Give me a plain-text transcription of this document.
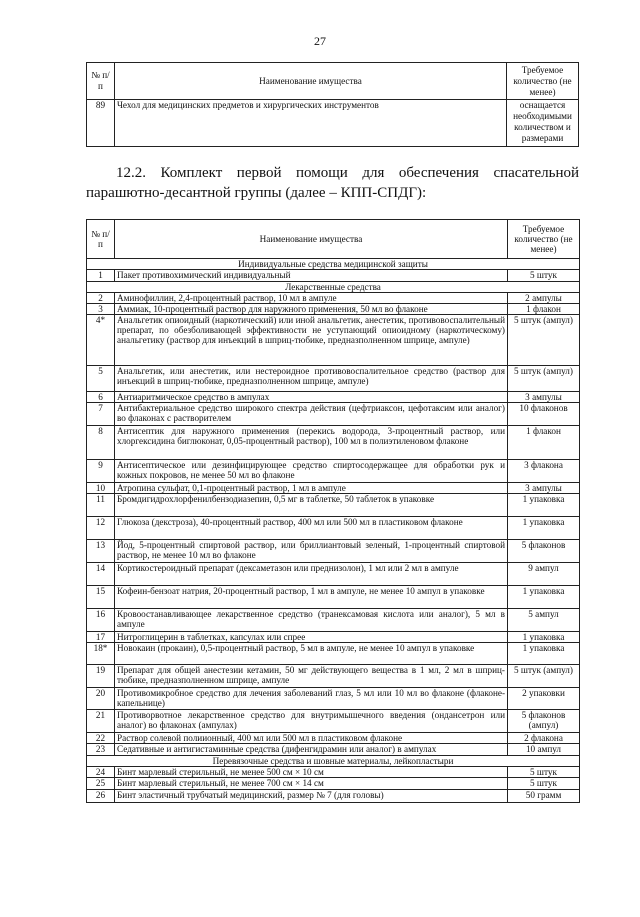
27
№ п/п	Наименование имущества	Требуемое количество (не менее)
89	Чехол для медицинских предметов и хирургических инструментов	оснащается необходимыми количеством и размерами
12.2. Комплект первой помощи для обеспечения спасательной
парашютно-десантной группы (далее – КПП-СПДГ):
№ п/п	Наименование имущества	Требуемое количество (не менее)
Индивидуальные средства медицинской защиты		
1	Пакет противохимический индивидуальный	5 штук
Лекарственные средства		
2	Аминофиллин, 2,4-процентный раствор, 10 мл в ампуле	2 ампулы
3	Аммиак, 10-процентный раствор для наружного применения, 50 мл во флаконе	1 флакон
4*	Анальгетик опиоидный (наркотический) или иной анальгетик, анестетик, противовоспалительный препарат, по обезболивающей эффективности не уступающий опиоидному (наркотическому) анальгетику (раствор для инъекций в шприц-тюбике, предназполненном шприце, ампуле)	5 штук (ампул)
5	Анальгетик, или анестетик, или нестероидное противовоспалительное средство (раствор для инъекций в шприц-тюбике, предназполненном шприце, ампуле)	5 штук (ампул)
6	Антиаритмическое средство в ампулах	3 ампулы
7	Антибактериальное средство широкого спектра действия (цефтриаксон, цефотаксим или аналог) во флаконах с растворителем	10 флаконов
8	Антисептик для наружного применения (перекись водорода, 3-процентный раствор, или хлоргексидина биглюконат, 0,05-процентный раствор), 100 мл в полиэтиленовом флаконе	1 флакон
9	Антисептическое или дезинфицирующее средство спиртосодержащее для обработки рук и кожных покровов, не менее 50 мл во флаконе	3 флакона
10	Атропина сульфат, 0,1-процентный раствор, 1 мл в ампуле	3 ампулы
11	Бромдигидрохлорфенилбензодиазепин, 0,5 мг в таблетке, 50 таблеток в упаковке	1 упаковка
12	Глюкоза (декстроза), 40-процентный раствор, 400 мл или 500 мл в пластиковом флаконе	1 упаковка
13	Йод, 5-процентный спиртовой раствор, или бриллиантовый зеленый, 1-процентный спиртовой раствор, не менее 10 мл во флаконе	5 флаконов
14	Кортикостероидный препарат (дексаметазон или преднизолон), 1 мл или 2 мл в ампуле	9 ампул
15	Кофеин-бензоат натрия, 20-процентный раствор, 1 мл в ампуле, не менее 10 ампул в упаковке	1 упаковка
16	Кровоостанавливающее лекарственное средство (транексамовая кислота или аналог), 5 мл в ампуле	5 ампул
17	Нитроглицерин в таблетках, капсулах или спрее	1 упаковка
18*	Новокаин (прокаин), 0,5-процентный раствор, 5 мл в ампуле, не менее 10 ампул в упаковке	1 упаковка
19	Препарат для общей анестезии кетамин, 50 мг действующего вещества в 1 мл, 2 мл в шприц-тюбике, предназполненном шприце, ампуле	5 штук (ампул)
20	Противомикробное средство для лечения заболеваний глаз, 5 мл или 10 мл во флаконе (флаконе-капельнице)	2 упаковки
21	Противорвотное лекарственное средство для внутримышечного введения (ондансетрон или аналог) во флаконах (ампулах)	5 флаконов (ампул)
22	Раствор солевой полиионный, 400 мл или 500 мл в пластиковом флаконе	2 флакона
23	Седативные и антигистаминные средства (дифенгидрамин или аналог) в ампулах	10 ампул
Перевязочные средства и шовные материалы, лейкопластыри		
24	Бинт марлевый стерильный, не менее 500 см × 10 см	5 штук
25	Бинт марлевый стерильный, не менее 700 см × 14 см	5 штук
26	Бинт эластичный трубчатый медицинский, размер № 7 (для головы)	50 грамм
